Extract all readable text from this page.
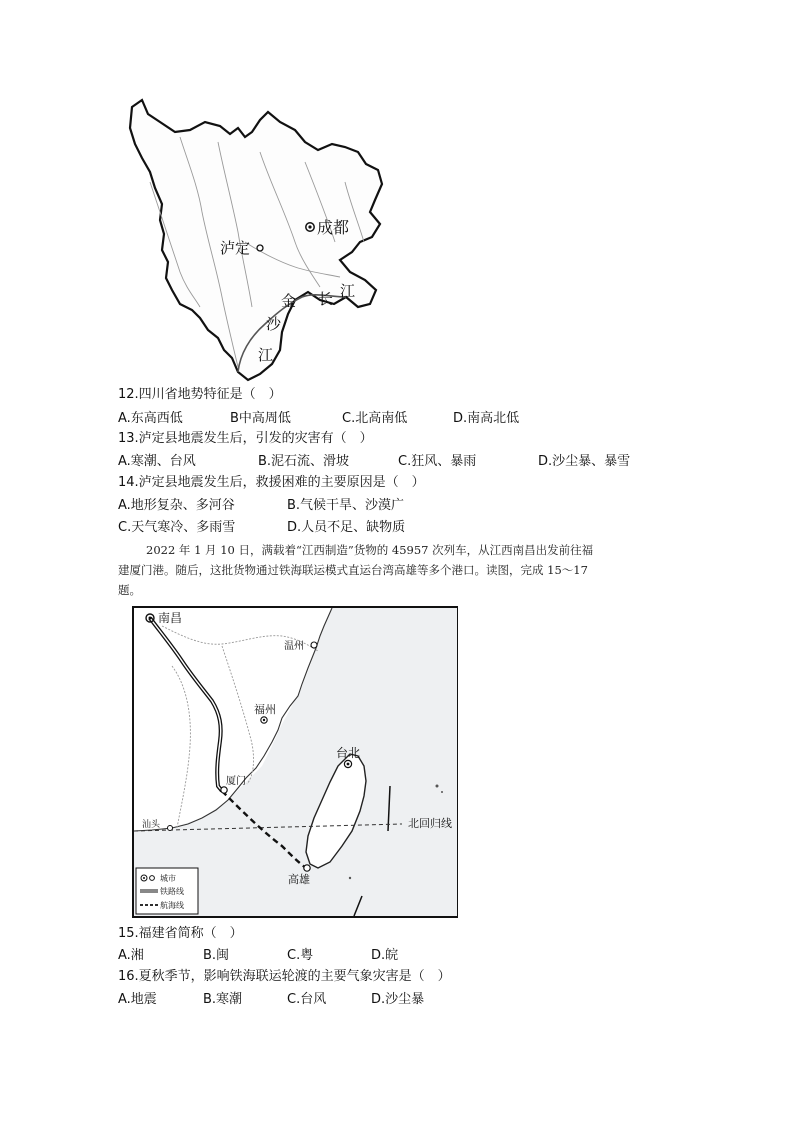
成都
泸定
金
沙
江
长 江
12.四川省地势特征是（　）
A.东高西低	B中高周低	C.北高南低	D.南高北低
13.泸定县地震发生后，引发的灾害有（　）
A.寒潮、台风	B.泥石流、滑坡	C.狂风、暴雨	D.沙尘暴、暴雪
14.泸定县地震发生后，救援困难的主要原因是（　）
A.地形复杂、多河谷	B.气候干旱、沙漠广
C.天气寒冷、多雨雪	D.人员不足、缺物质
2022 年 1 月 10 日，满载着“江西制造”货物的 45957 次列车，从江西南昌出发前往福
建厦门港。随后，这批货物通过铁海联运模式直运台湾高雄等多个港口。读图，完成 15～17
题。
北回归线
南昌
温州
福州
台北
厦门
汕头
高雄
城市
铁路线
航海线
15.福建省简称（　）
A.湘	B.闽	C.粤	D.皖
16.夏秋季节，影响铁海联运轮渡的主要气象灾害是（　）
A.地震	B.寒潮	C.台风	D.沙尘暴
